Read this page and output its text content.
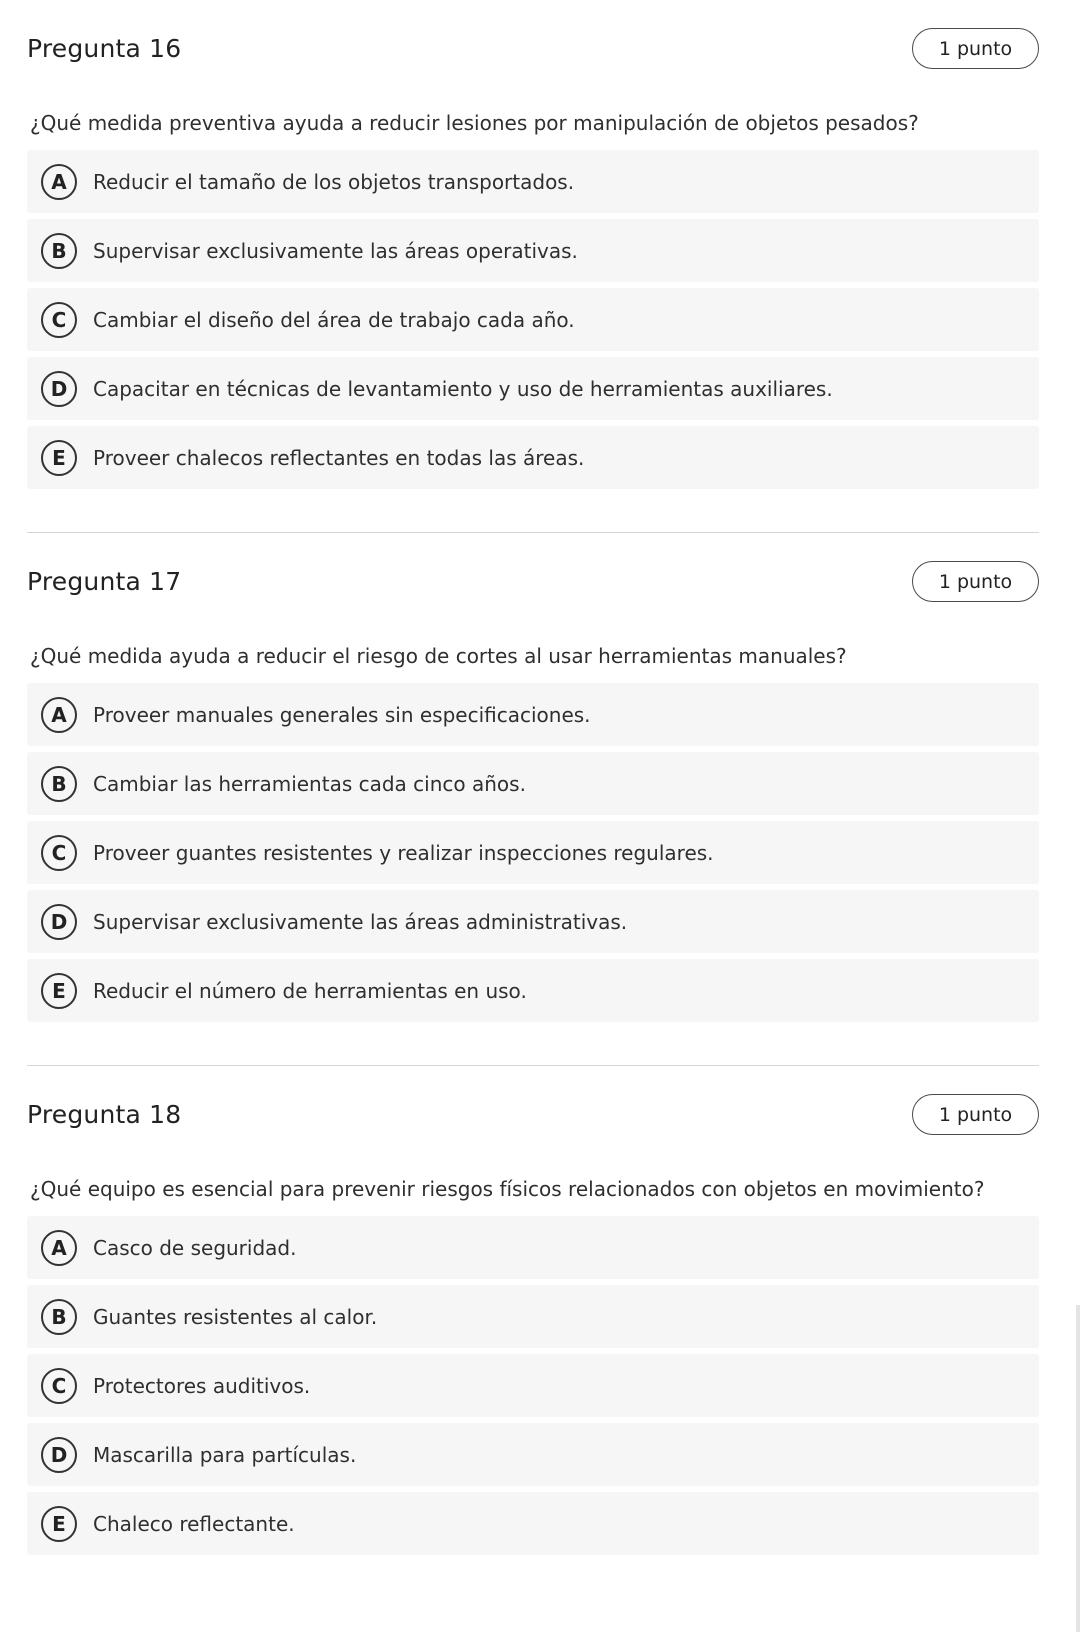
Pregunta 16	1 punto
¿Qué medida preventiva ayuda a reducir lesiones por manipulación de objetos pesados?
A	Reducir el tamaño de los objetos transportados.
B	Supervisar exclusivamente las áreas operativas.
C	Cambiar el diseño del área de trabajo cada año.
D	Capacitar en técnicas de levantamiento y uso de herramientas auxiliares.
E	Proveer chalecos reflectantes en todas las áreas.
Pregunta 17	1 punto
¿Qué medida ayuda a reducir el riesgo de cortes al usar herramientas manuales?
A	Proveer manuales generales sin especificaciones.
B	Cambiar las herramientas cada cinco años.
C	Proveer guantes resistentes y realizar inspecciones regulares.
D	Supervisar exclusivamente las áreas administrativas.
E	Reducir el número de herramientas en uso.
Pregunta 18	1 punto
¿Qué equipo es esencial para prevenir riesgos físicos relacionados con objetos en movimiento?
A	Casco de seguridad.
B	Guantes resistentes al calor.
C	Protectores auditivos.
D	Mascarilla para partículas.
E	Chaleco reflectante.
